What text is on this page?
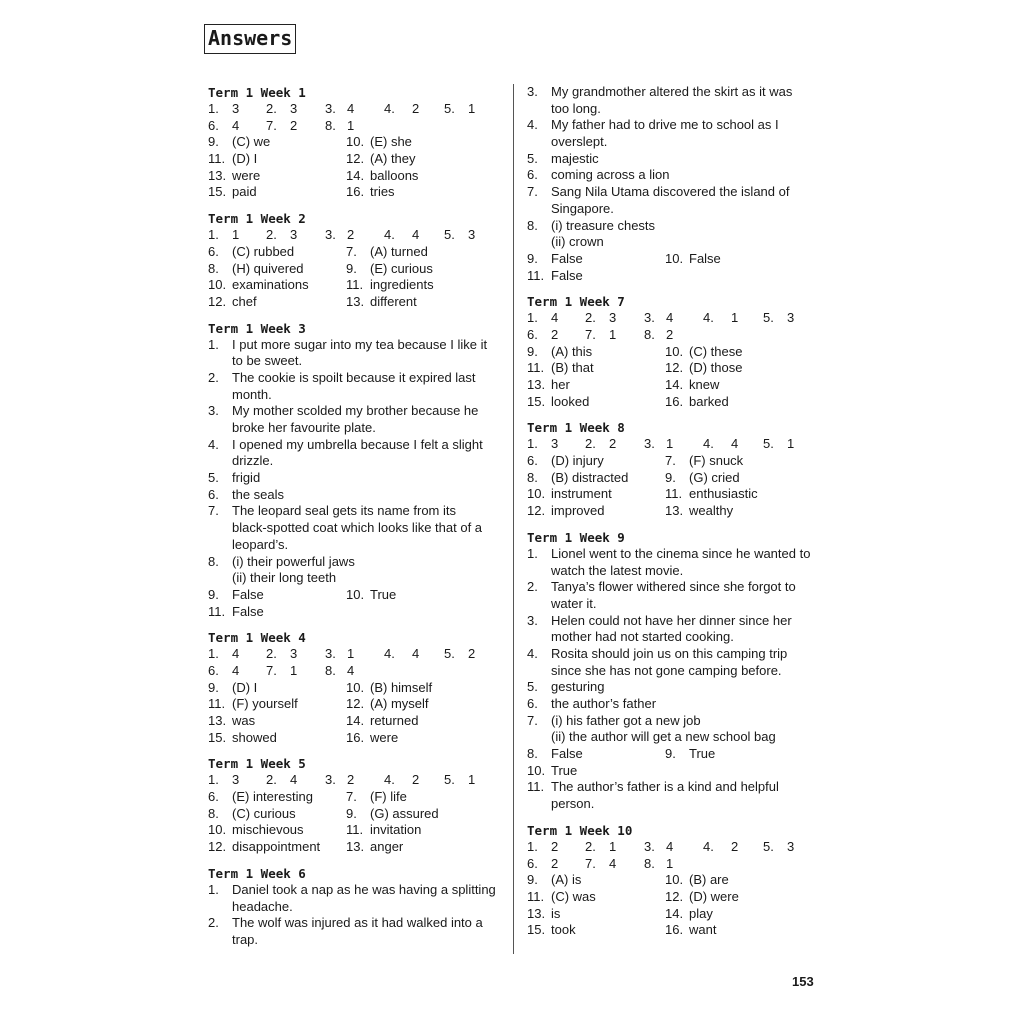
Answers
Term 1 Week 1
1. 3 2. 3 3. 4 4. 2 5. 1
6. 4 7. 2 8. 1
9. (C) we	10. (E) she
11. (D) I	12. (A) they
13. were	14. balloons
15. paid	16. tries
Term 1 Week 2
1. 1 2. 3 3. 2 4. 4 5. 3
6. (C) rubbed	7. (A) turned
8. (H) quivered	9. (E) curious
10. examinations	11. ingredients
12. chef	13. different
Term 1 Week 3
1. I put more sugar into my tea because I like it
to be sweet.
2. The cookie is spoilt because it expired last
month.
3. My mother scolded my brother because he
broke her favourite plate.
4. I opened my umbrella because I felt a slight
drizzle.
5. frigid
6. the seals
7. The leopard seal gets its name from its
black-spotted coat which looks like that of a
leopard’s.
8. (i) their powerful jaws
(ii) their long teeth
9. False	10. True
11. False
Term 1 Week 4
1. 4 2. 3 3. 1 4. 4 5. 2
6. 4 7. 1 8. 4
9. (D) I	10. (B) himself
11. (F) yourself	12. (A) myself
13. was	14. returned
15. showed	16. were
Term 1 Week 5
1. 3 2. 4 3. 2 4. 2 5. 1
6. (E) interesting	7. (F) life
8. (C) curious	9. (G) assured
10. mischievous	11. invitation
12. disappointment 13. anger
Term 1 Week 6
1. Daniel took a nap as he was having a splitting
headache.
2. The wolf was injured as it had walked into a
trap.
3. My grandmother altered the skirt as it was
too long.
4. My father had to drive me to school as I
overslept.
5. majestic
6. coming across a lion
7. Sang Nila Utama discovered the island of
Singapore.
8. (i) treasure chests
(ii) crown
9. False	10. False
11. False
Term 1 Week 7
1. 4 2. 3 3. 4 4. 1 5. 3
6. 2 7. 1 8. 2
9. (A) this	10. (C) these
11. (B) that	12. (D) those
13. her	14. knew
15. looked	16. barked
Term 1 Week 8
1. 3 2. 2 3. 1 4. 4 5. 1
6. (D) injury	7. (F) snuck
8. (B) distracted	9. (G) cried
10. instrument	11. enthusiastic
12. improved	13. wealthy
Term 1 Week 9
1. Lionel went to the cinema since he wanted to
watch the latest movie.
2. Tanya’s flower withered since she forgot to
water it.
3. Helen could not have her dinner since her
mother had not started cooking.
4. Rosita should join us on this camping trip
since she has not gone camping before.
5. gesturing
6. the author’s father
7. (i) his father got a new job
(ii) the author will get a new school bag
8. False	9. True
10. True
11. The author’s father is a kind and helpful
person.
Term 1 Week 10
1. 2 2. 1 3. 4 4. 2 5. 3
6. 2 7. 4 8. 1
9. (A) is	10. (B) are
11. (C) was	12. (D) were
13. is	14. play
15. took	16. want
153
